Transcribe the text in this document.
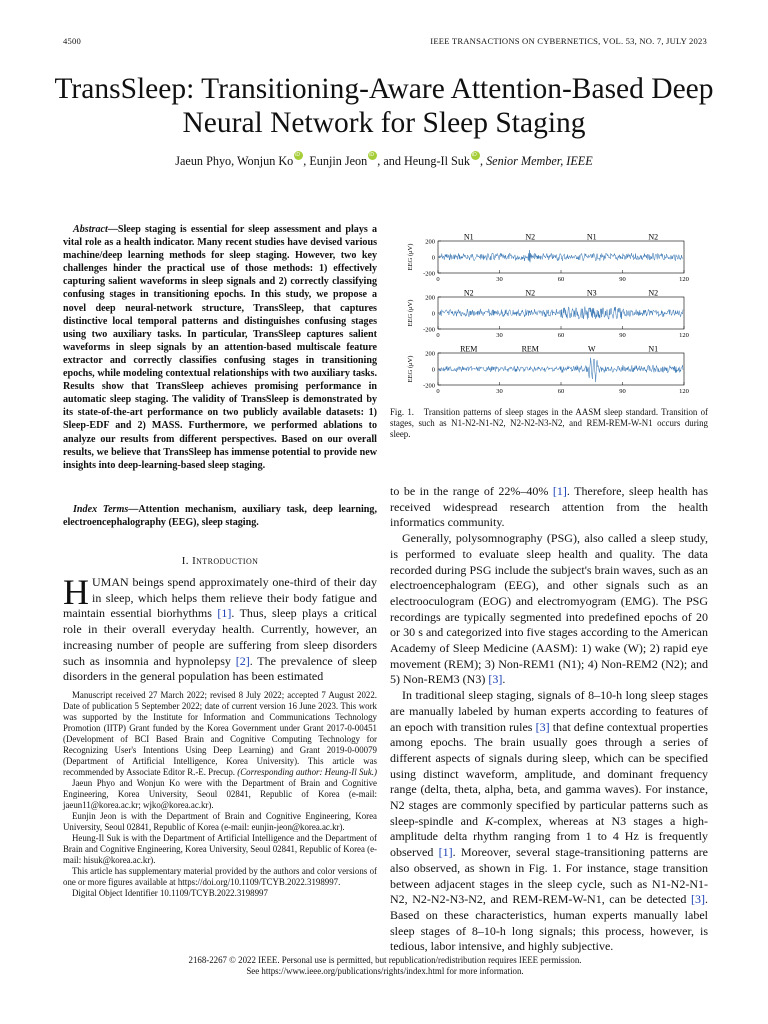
4500	IEEE TRANSACTIONS ON CYBERNETICS, VOL. 53, NO. 7, JULY 2023
TransSleep: Transitioning-Aware Attention-Based Deep Neural Network for Sleep Staging
Jaeun Phyo, Wonjun Ko iD , Eunjin Jeon iD , and Heung-Il Suk iD , Senior Member, IEEE
Abstract—Sleep staging is essential for sleep assessment and plays a vital role as a health indicator. Many recent studies have devised various machine/deep learning methods for sleep staging. However, two key challenges hinder the practical use of those methods: 1) effectively capturing salient waveforms in sleep signals and 2) correctly classifying confusing stages in transitioning epochs. In this study, we propose a novel deep neural-network structure, TransSleep, that captures distinctive local temporal patterns and distinguishes confusing stages using two auxiliary tasks. In particular, TransSleep captures salient waveforms in sleep signals by an attention-based multiscale feature extractor and correctly classifies confusing stages in transitioning epochs, while modeling contextual relationships with two auxiliary tasks. Results show that TransSleep achieves promising performance in automatic sleep staging. The validity of TransSleep is demonstrated by its state-of-the-art performance on two publicly available datasets: 1) Sleep-EDF and 2) MASS. Furthermore, we performed ablations to analyze our results from different perspectives. Based on our overall results, we believe that TransSleep has immense potential to provide new insights into deep-learning-based sleep staging.
Index Terms—Attention mechanism, auxiliary task, deep learning, electroencephalography (EEG), sleep staging.
I. Introduction
HUMAN beings spend approximately one-third of their day in sleep, which helps them relieve their body fatigue and maintain essential biorhythms [1]. Thus, sleep plays a critical role in their overall everyday health. Currently, however, an increasing number of people are suffering from sleep disorders such as insomnia and hypnolepsy [2]. The prevalence of sleep disorders in the general population has been estimated

Manuscript received 27 March 2022; revised 8 July 2022; accepted 7 August 2022. Date of publication 5 September 2022; date of current version 16 June 2023. This work was supported by the Institute for Information and Communications Technology Promotion (IITP) Grant funded by the Korea Government under Grant 2017-0-00451 (Development of BCI Based Brain and Cognitive Computing Technology for Recognizing User's Intentions Using Deep Learning) and Grant 2019-0-00079 (Department of Artificial Intelligence, Korea University). This article was recommended by Associate Editor R.-E. Precup. (Corresponding author: Heung-Il Suk.)

Jaeun Phyo and Wonjun Ko were with the Department of Brain and Cognitive Engineering, Korea University, Seoul 02841, Republic of Korea (e-mail: jaeun11@korea.ac.kr; wjko@korea.ac.kr).

Eunjin Jeon is with the Department of Brain and Cognitive Engineering, Korea University, Seoul 02841, Republic of Korea (e-mail: eunjin-jeon@korea.ac.kr).

Heung-Il Suk is with the Department of Artificial Intelligence and the Department of Brain and Cognitive Engineering, Korea University, Seoul 02841, Republic of Korea (e-mail: hisuk@korea.ac.kr).

This article has supplementary material provided by the authors and color versions of one or more figures available at https://doi.org/10.1109/TCYB.2022.3198997.

Digital Object Identifier 10.1109/TCYB.2022.3198997

EEG (μV)
200
0
-200
0	30	60	90	120
N1	N2	N1	N2
EEG (μV)
200
0
-200
0	30	60	90	120
N2	N2	N3	N2
EEG (μV)
200
0
-200
0	30	60	90	120
REM	REM	W	N1
Fig. 1. Transition patterns of sleep stages in the AASM sleep standard. Transition of stages, such as N1-N2-N1-N2, N2-N2-N3-N2, and REM-REM-W-N1 occurs during sleep.

to be in the range of 22%–40% [1]. Therefore, sleep health has received widespread research attention from the health informatics community.

Generally, polysomnography (PSG), also called a sleep study, is performed to evaluate sleep health and quality. The data recorded during PSG include the subject's brain waves, such as an electroencephalogram (EEG), and other signals such as an electrooculogram (EOG) and electromyogram (EMG). The PSG recordings are typically segmented into predefined epochs of 20 or 30 s and categorized into five stages according to the American Academy of Sleep Medicine (AASM): 1) wake (W); 2) rapid eye movement (REM); 3) Non-REM1 (N1); 4) Non-REM2 (N2); and 5) Non-REM3 (N3) [3].

In traditional sleep staging, signals of 8–10-h long sleep stages are manually labeled by human experts according to features of an epoch with transition rules [3] that define contextual properties among epochs. The brain usually goes through a series of different aspects of signals during sleep, which can be specified using distinct waveform, amplitude, and dominant frequency range (delta, theta, alpha, beta, and gamma waves). For instance, N2 stages are commonly specified by particular patterns such as sleep-spindle and K-complex, whereas at N3 stages a high-amplitude delta rhythm ranging from 1 to 4 Hz is frequently observed [1]. Moreover, several stage-transitioning patterns are also observed, as shown in Fig. 1. For instance, stage transition between adjacent stages in the sleep cycle, such as N1-N2-N1-N2, N2-N2-N3-N2, and REM-REM-W-N1, can be detected [3]. Based on these characteristics, human experts manually label sleep stages of 8–10-h long signals; this process, however, is tedious, labor intensive, and highly subjective.

2168-2267 © 2022 IEEE. Personal use is permitted, but republication/redistribution requires IEEE permission.
See https://www.ieee.org/publications/rights/index.html for more information.
